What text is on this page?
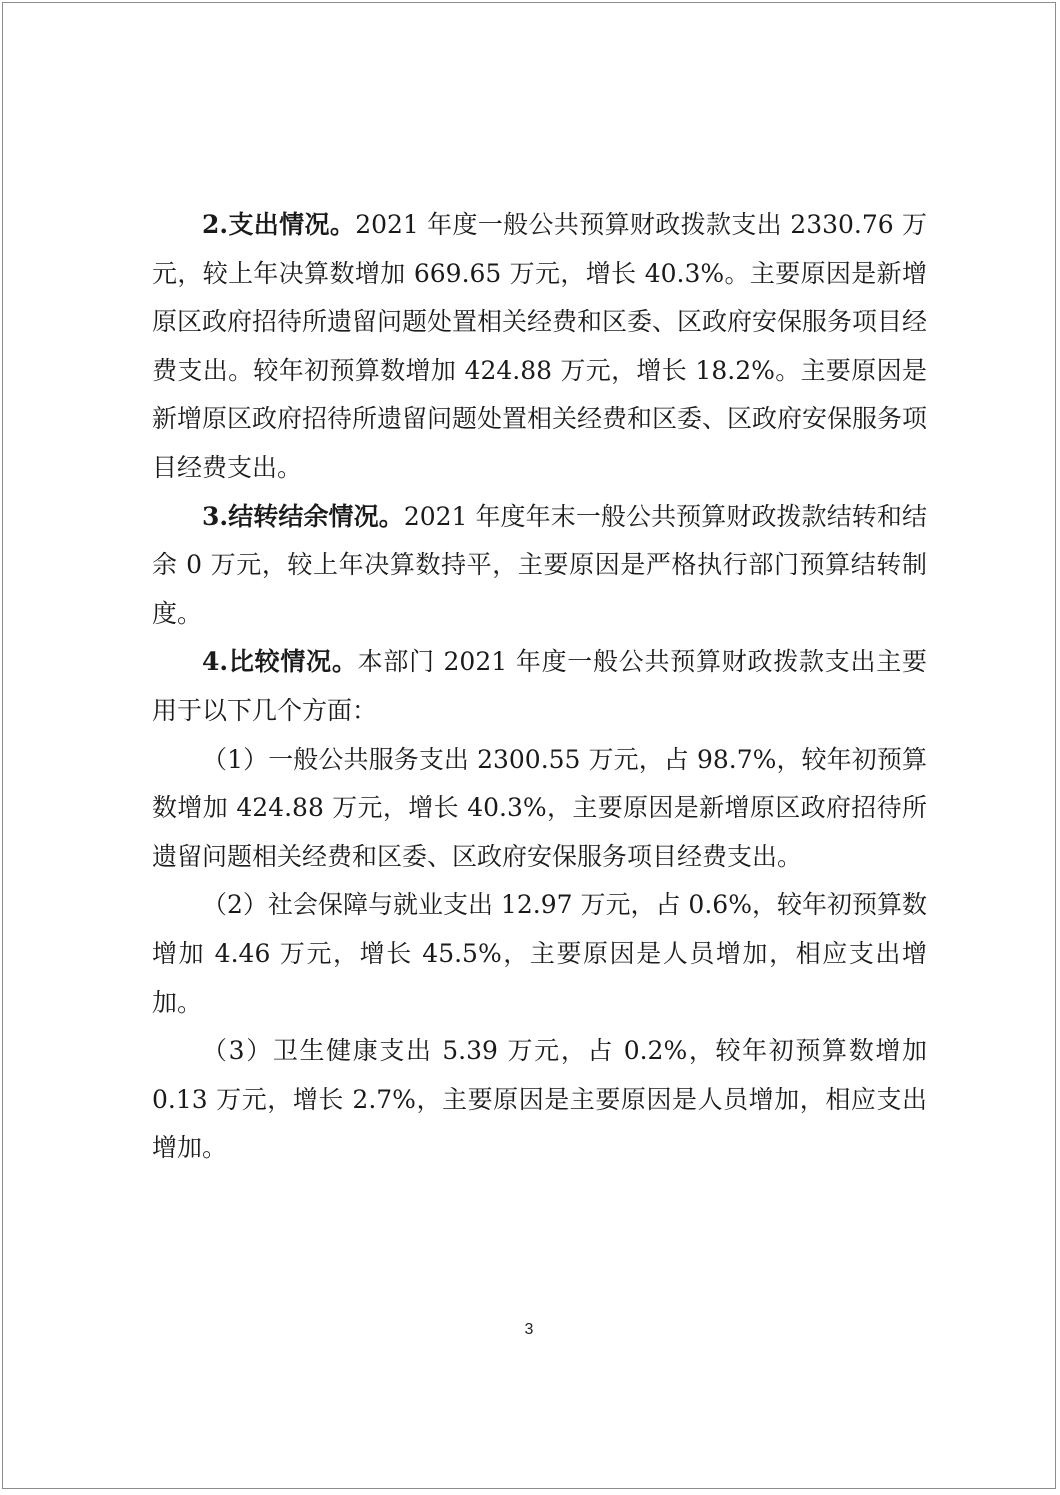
2.支出情况。2021 年度一般公共预算财政拨款支出 2330.76 万元，较上年决算数增加 669.65 万元，增长 40.3%。主要原因是新增原区政府招待所遗留问题处置相关经费和区委、区政府安保服务项目经费支出。较年初预算数增加 424.88 万元，增长 18.2%。主要原因是新增原区政府招待所遗留问题处置相关经费和区委、区政府安保服务项目经费支出。

3.结转结余情况。2021 年度年末一般公共预算财政拨款结转和结余 0 万元，较上年决算数持平，主要原因是严格执行部门预算结转制度。

4.比较情况。本部门 2021 年度一般公共预算财政拨款支出主要用于以下几个方面：

（1）一般公共服务支出 2300.55 万元，占 98.7%，较年初预算数增加 424.88 万元，增长 40.3%，主要原因是新增原区政府招待所遗留问题相关经费和区委、区政府安保服务项目经费支出。

（2）社会保障与就业支出 12.97 万元，占 0.6%，较年初预算数增加 4.46 万元，增长 45.5%，主要原因是人员增加，相应支出增加。

（3）卫生健康支出 5.39 万元，占 0.2%，较年初预算数增加 0.13 万元，增长 2.7%，主要原因是主要原因是人员增加，相应支出增加。

3
